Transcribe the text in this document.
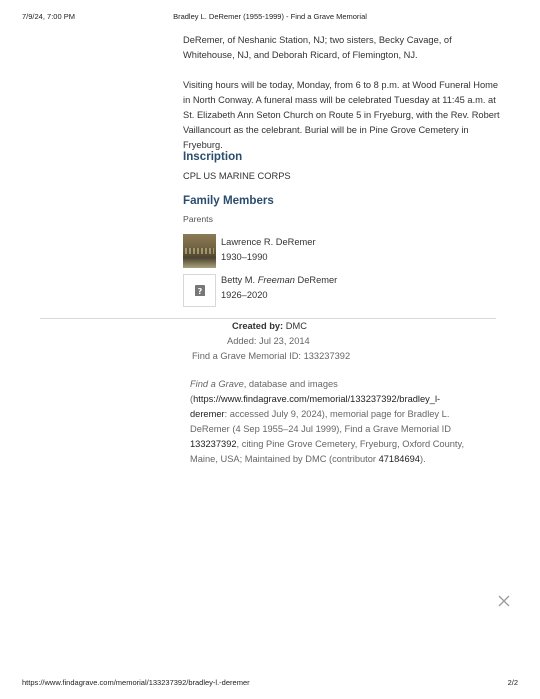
7/9/24, 7:00 PM	Bradley L. DeRemer (1955-1999) - Find a Grave Memorial
DeRemer, of Neshanic Station, NJ; two sisters, Becky Cavage, of Whitehouse, NJ, and Deborah Ricard, of Flemington, NJ.
Visiting hours will be today, Monday, from 6 to 8 p.m. at Wood Funeral Home in North Conway. A funeral mass will be celebrated Tuesday at 11:45 a.m. at St. Elizabeth Ann Seton Church on Route 5 in Fryeburg, with the Rev. Robert Vaillancourt as the celebrant. Burial will be in Pine Grove Cemetery in Fryeburg.
Inscription
CPL US MARINE CORPS
Family Members
Parents
Lawrence R. DeRemer
1930–1990
?
Betty M. Freeman DeRemer
1926–2020
Created by: DMC
Added: Jul 23, 2014
Find a Grave Memorial ID: 133237392
Find a Grave, database and images (https://www.findagrave.com/memorial/133237392/bradley_l-deremer: accessed July 9, 2024), memorial page for Bradley L. DeRemer (4 Sep 1955–24 Jul 1999), Find a Grave Memorial ID 133237392, citing Pine Grove Cemetery, Fryeburg, Oxford County, Maine, USA; Maintained by DMC (contributor 47184694).
https://www.findagrave.com/memorial/133237392/bradley-l.-deremer	2/2
